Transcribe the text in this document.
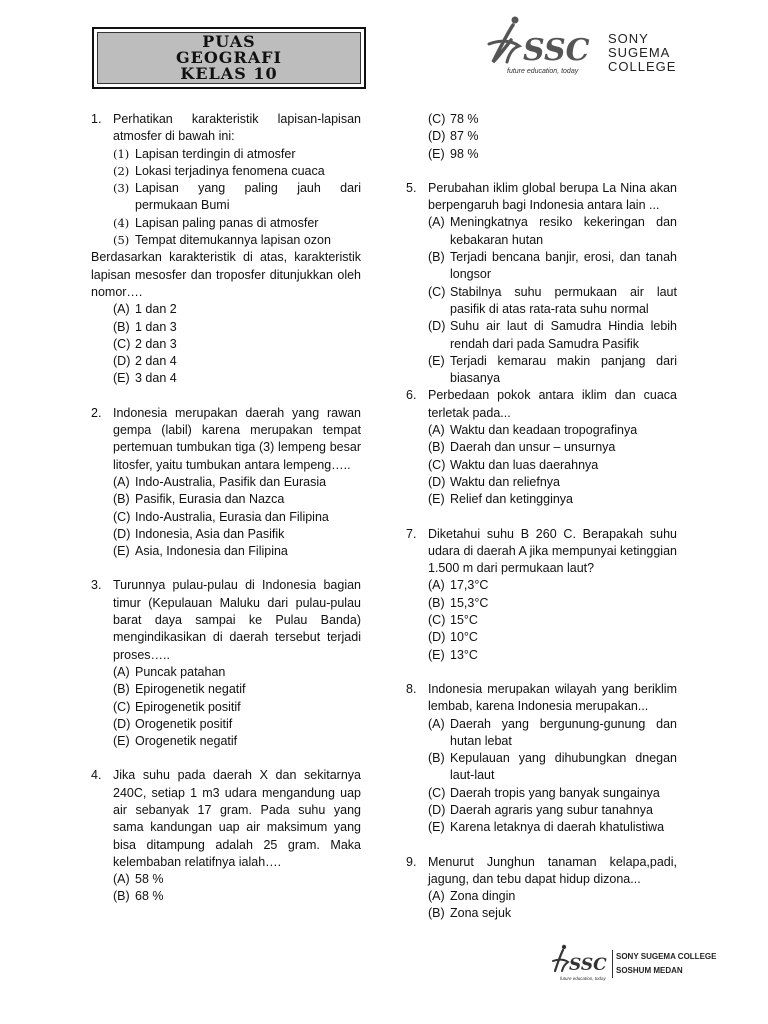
PUAS
GEOGRAFI
KELAS 10
SSC
future education, today
SONY
SUGEMA
COLLEGE
1. Perhatikan karakteristik lapisan-lapisan atmosfer di bawah ini:
(1) Lapisan terdingin di atmosfer
(2) Lokasi terjadinya fenomena cuaca
(3) Lapisan yang paling jauh dari permukaan Bumi
(4) Lapisan paling panas di atmosfer
(5) Tempat ditemukannya lapisan ozon
Berdasarkan karakteristik di atas, karakteristik lapisan mesosfer dan troposfer ditunjukkan oleh nomor….
(A) 1 dan 2
(B) 1 dan 3
(C) 2 dan 3
(D) 2 dan 4
(E) 3 dan 4
2. Indonesia merupakan daerah yang rawan gempa (labil) karena merupakan tempat pertemuan tumbukan tiga (3) lempeng besar litosfer, yaitu tumbukan antara lempeng…..
(A) Indo-Australia, Pasifik dan Eurasia
(B) Pasifik, Eurasia dan Nazca
(C) Indo-Australia, Eurasia dan Filipina
(D) Indonesia, Asia dan Pasifik
(E) Asia, Indonesia dan Filipina
3. Turunnya pulau-pulau di Indonesia bagian timur (Kepulauan Maluku dari pulau-pulau barat daya sampai ke Pulau Banda) mengindikasikan di daerah tersebut terjadi proses…..
(A) Puncak patahan
(B) Epirogenetik negatif
(C) Epirogenetik positif
(D) Orogenetik positif
(E) Orogenetik negatif
4. Jika suhu pada daerah X dan sekitarnya 240C, setiap 1 m3 udara mengandung uap air sebanyak 17 gram. Pada suhu yang sama kandungan uap air maksimum yang bisa ditampung adalah 25 gram. Maka kelembaban relatifnya ialah….
(A) 58 %
(B) 68 %
(C) 78 %
(D) 87 %
(E) 98 %
5. Perubahan iklim global berupa La Nina akan berpengaruh bagi Indonesia antara lain ...
(A) Meningkatnya resiko kekeringan dan kebakaran hutan
(B) Terjadi bencana banjir, erosi, dan tanah longsor
(C) Stabilnya suhu permukaan air laut pasifik di atas rata-rata suhu normal
(D) Suhu air laut di Samudra Hindia lebih rendah dari pada Samudra Pasifik
(E) Terjadi kemarau makin panjang dari biasanya
6. Perbedaan pokok antara iklim dan cuaca terletak pada...
(A) Waktu dan keadaan tropografinya
(B) Daerah dan unsur – unsurnya
(C) Waktu dan luas daerahnya
(D) Waktu dan reliefnya
(E) Relief dan ketingginya
7. Diketahui suhu B 260 C. Berapakah suhu udara di daerah A jika mempunyai ketinggian 1.500 m dari permukaan laut?
(A) 17,3°C
(B) 15,3°C
(C) 15°C
(D) 10°C
(E) 13°C
8. Indonesia merupakan wilayah yang beriklim lembab, karena Indonesia merupakan...
(A) Daerah yang bergunung-gunung dan hutan lebat
(B) Kepulauan yang dihubungkan dnegan laut-laut
(C) Daerah tropis yang banyak sungainya
(D) Daerah agraris yang subur tanahnya
(E) Karena letaknya di daerah khatulistiwa
9. Menurut Junghun tanaman kelapa,padi, jagung, dan tebu dapat hidup dizona...
(A) Zona dingin
(B) Zona sejuk
SSC
future education, today
SONY SUGEMA COLLEGE
SOSHUM MEDAN
